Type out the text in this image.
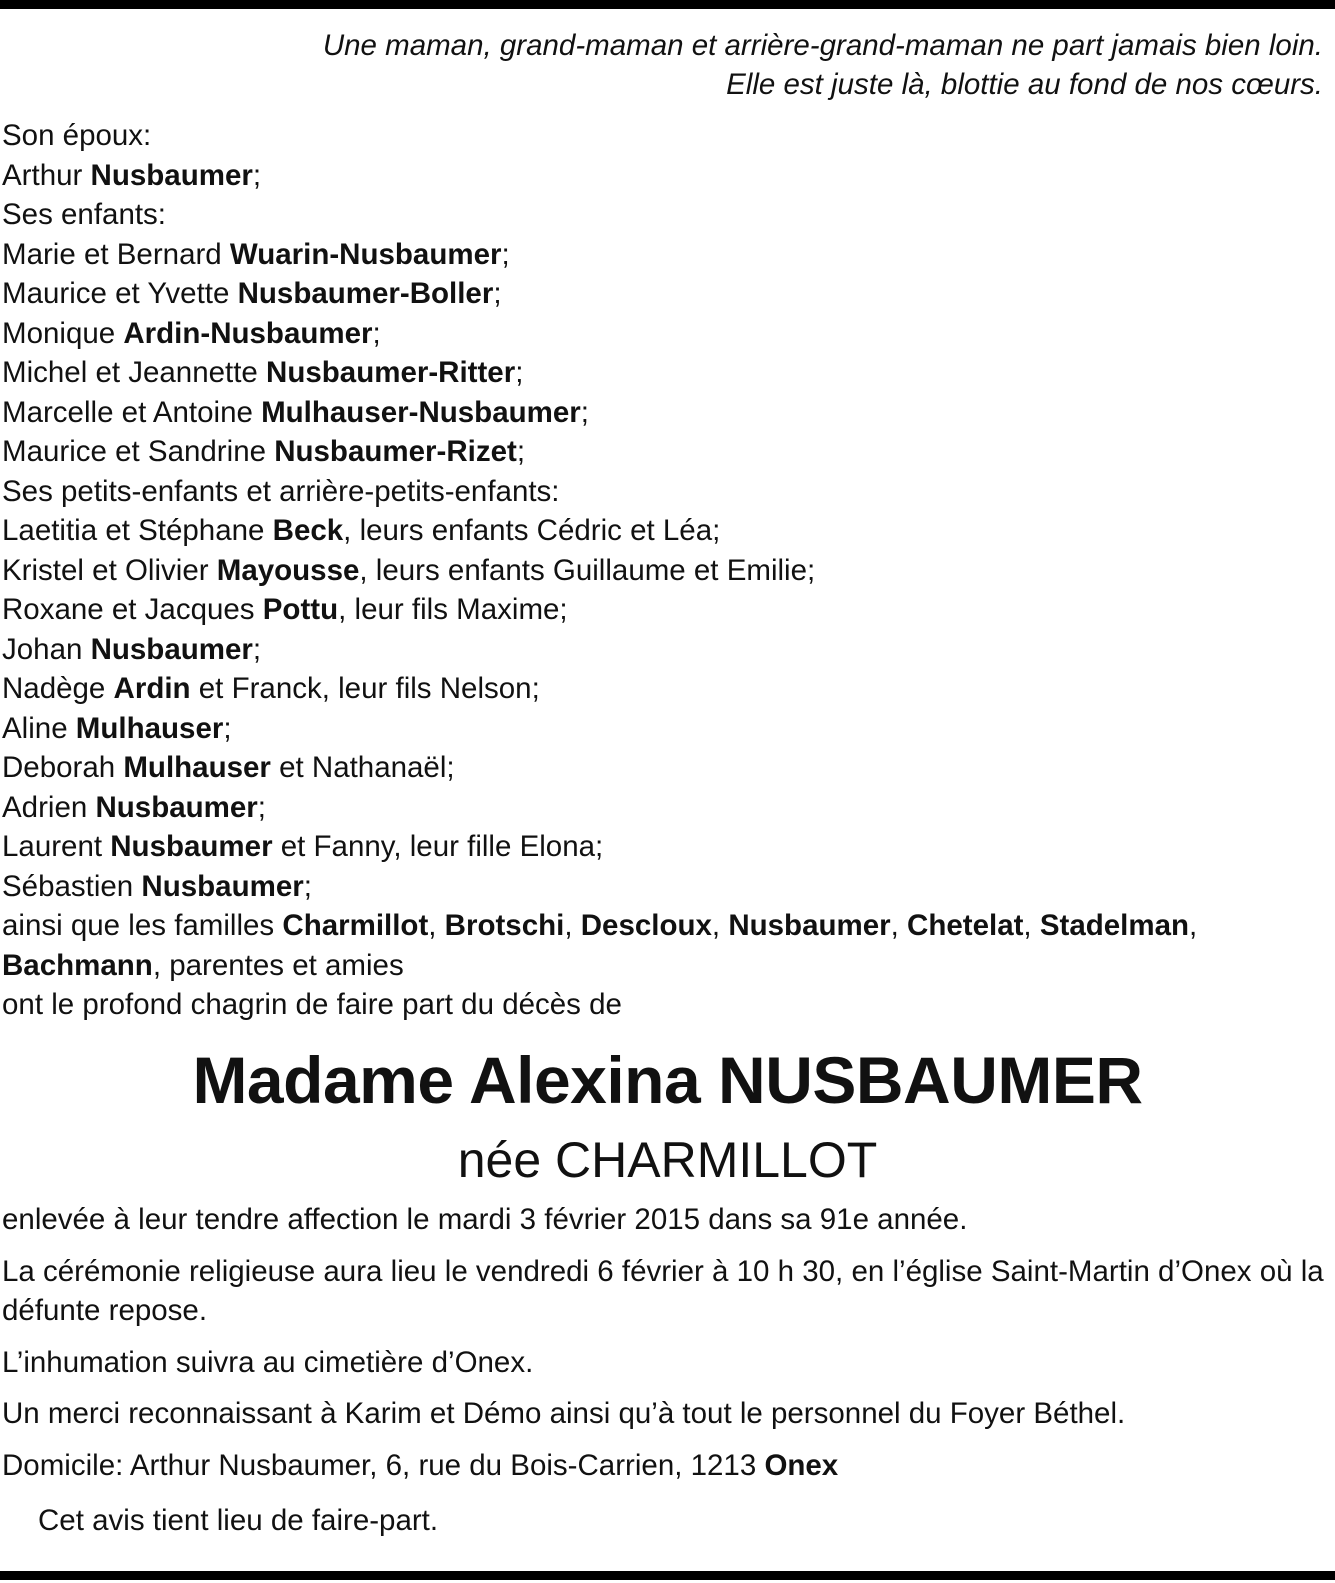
Une maman, grand-maman et arrière-grand-maman ne part jamais bien loin.
Elle est juste là, blottie au fond de nos cœurs.
Son époux:
Arthur Nusbaumer;
Ses enfants:
Marie et Bernard Wuarin-Nusbaumer;
Maurice et Yvette Nusbaumer-Boller;
Monique Ardin-Nusbaumer;
Michel et Jeannette Nusbaumer-Ritter;
Marcelle et Antoine Mulhauser-Nusbaumer;
Maurice et Sandrine Nusbaumer-Rizet;
Ses petits-enfants et arrière-petits-enfants:
Laetitia et Stéphane Beck, leurs enfants Cédric et Léa;
Kristel et Olivier Mayousse, leurs enfants Guillaume et Emilie;
Roxane et Jacques Pottu, leur fils Maxime;
Johan Nusbaumer;
Nadège Ardin et Franck, leur fils Nelson;
Aline Mulhauser;
Deborah Mulhauser et Nathanaël;
Adrien Nusbaumer;
Laurent Nusbaumer et Fanny, leur fille Elona;
Sébastien Nusbaumer;
ainsi que les familles Charmillot, Brotschi, Descloux, Nusbaumer, Chetelat, Stadelman,
Bachmann, parentes et amies
ont le profond chagrin de faire part du décès de
Madame Alexina NUSBAUMER
née CHARMILLOT

enlevée à leur tendre affection le mardi 3 février 2015 dans sa 91e année.

La cérémonie religieuse aura lieu le vendredi 6 février à 10 h 30, en l’église Saint-Martin d’Onex où la défunte repose.

L’inhumation suivra au cimetière d’Onex.

Un merci reconnaissant à Karim et Démo ainsi qu’à tout le personnel du Foyer Béthel.

Domicile: Arthur Nusbaumer, 6, rue du Bois-Carrien, 1213 Onex

Cet avis tient lieu de faire-part.
